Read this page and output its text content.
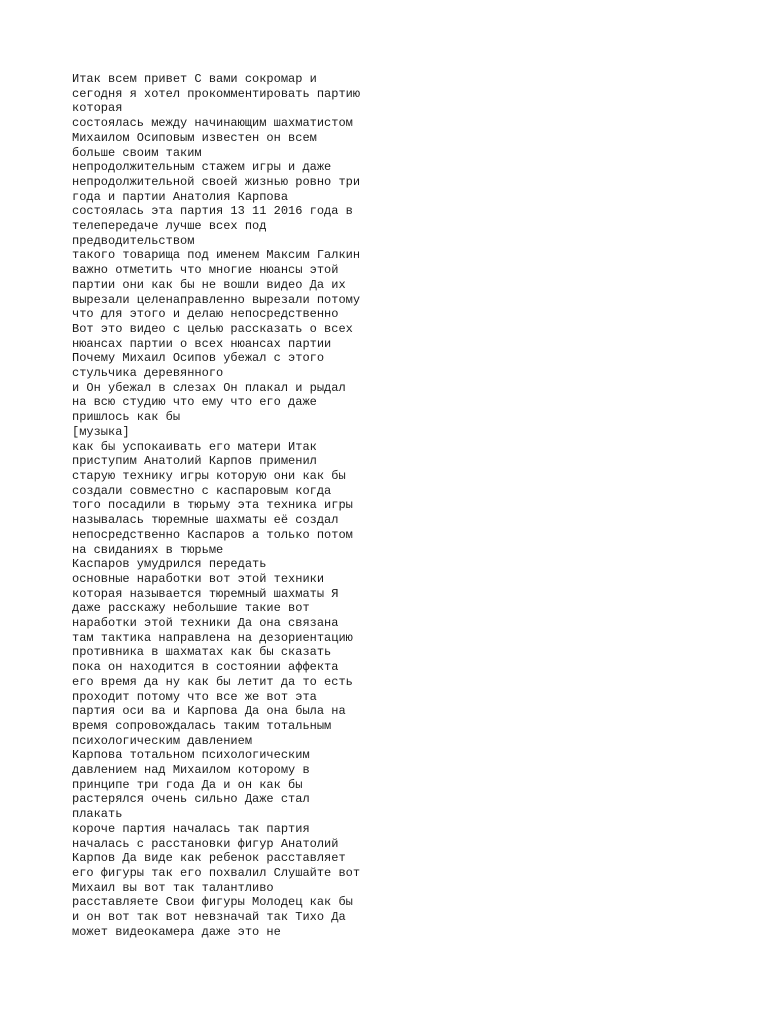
Итак всем привет С вами сокромар и
сегодня я хотел прокомментировать партию
которая
состоялась между начинающим шахматистом
Михаилом Осиповым известен он всем
больше своим таким
непродолжительным стажем игры и даже
непродолжительной своей жизнью ровно три
года и партии Анатолия Карпова
состоялась эта партия 13 11 2016 года в
телепередаче лучше всех под
предводительством
такого товарища под именем Максим Галкин
важно отметить что многие нюансы этой
партии они как бы не вошли видео Да их
вырезали целенаправленно вырезали потому
что для этого и делаю непосредственно
Вот это видео с целью рассказать о всех
нюансах партии о всех нюансах партии
Почему Михаил Осипов убежал с этого
стульчика деревянного
и Он убежал в слезах Он плакал и рыдал
на всю студию что ему что его даже
пришлось как бы
[музыка]
как бы успокаивать его матери Итак
приступим Анатолий Карпов применил
старую технику игры которую они как бы
создали совместно с каспаровым когда
того посадили в тюрьму эта техника игры
называлась тюремные шахматы её создал
непосредственно Каспаров а только потом
на свиданиях в тюрьме
Каспаров умудрился передать
основные наработки вот этой техники
которая называется тюремный шахматы Я
даже расскажу небольшие такие вот
наработки этой техники Да она связана
там тактика направлена на дезориентацию
противника в шахматах как бы сказать
пока он находится в состоянии аффекта
его время да ну как бы летит да то есть
проходит потому что все же вот эта
партия оси ва и Карпова Да она была на
время сопровождалась таким тотальным
психологическим давлением
Карпова тотальном психологическим
давлением над Михаилом которому в
принципе три года Да и он как бы
растерялся очень сильно Даже стал
плакать
короче партия началась так партия
началась с расстановки фигур Анатолий
Карпов Да виде как ребенок расставляет
его фигуры так его похвалил Слушайте вот
Михаил вы вот так талантливо
расставляете Свои фигуры Молодец как бы
и он вот так вот невзначай так Тихо Да
может видеокамера даже это не
